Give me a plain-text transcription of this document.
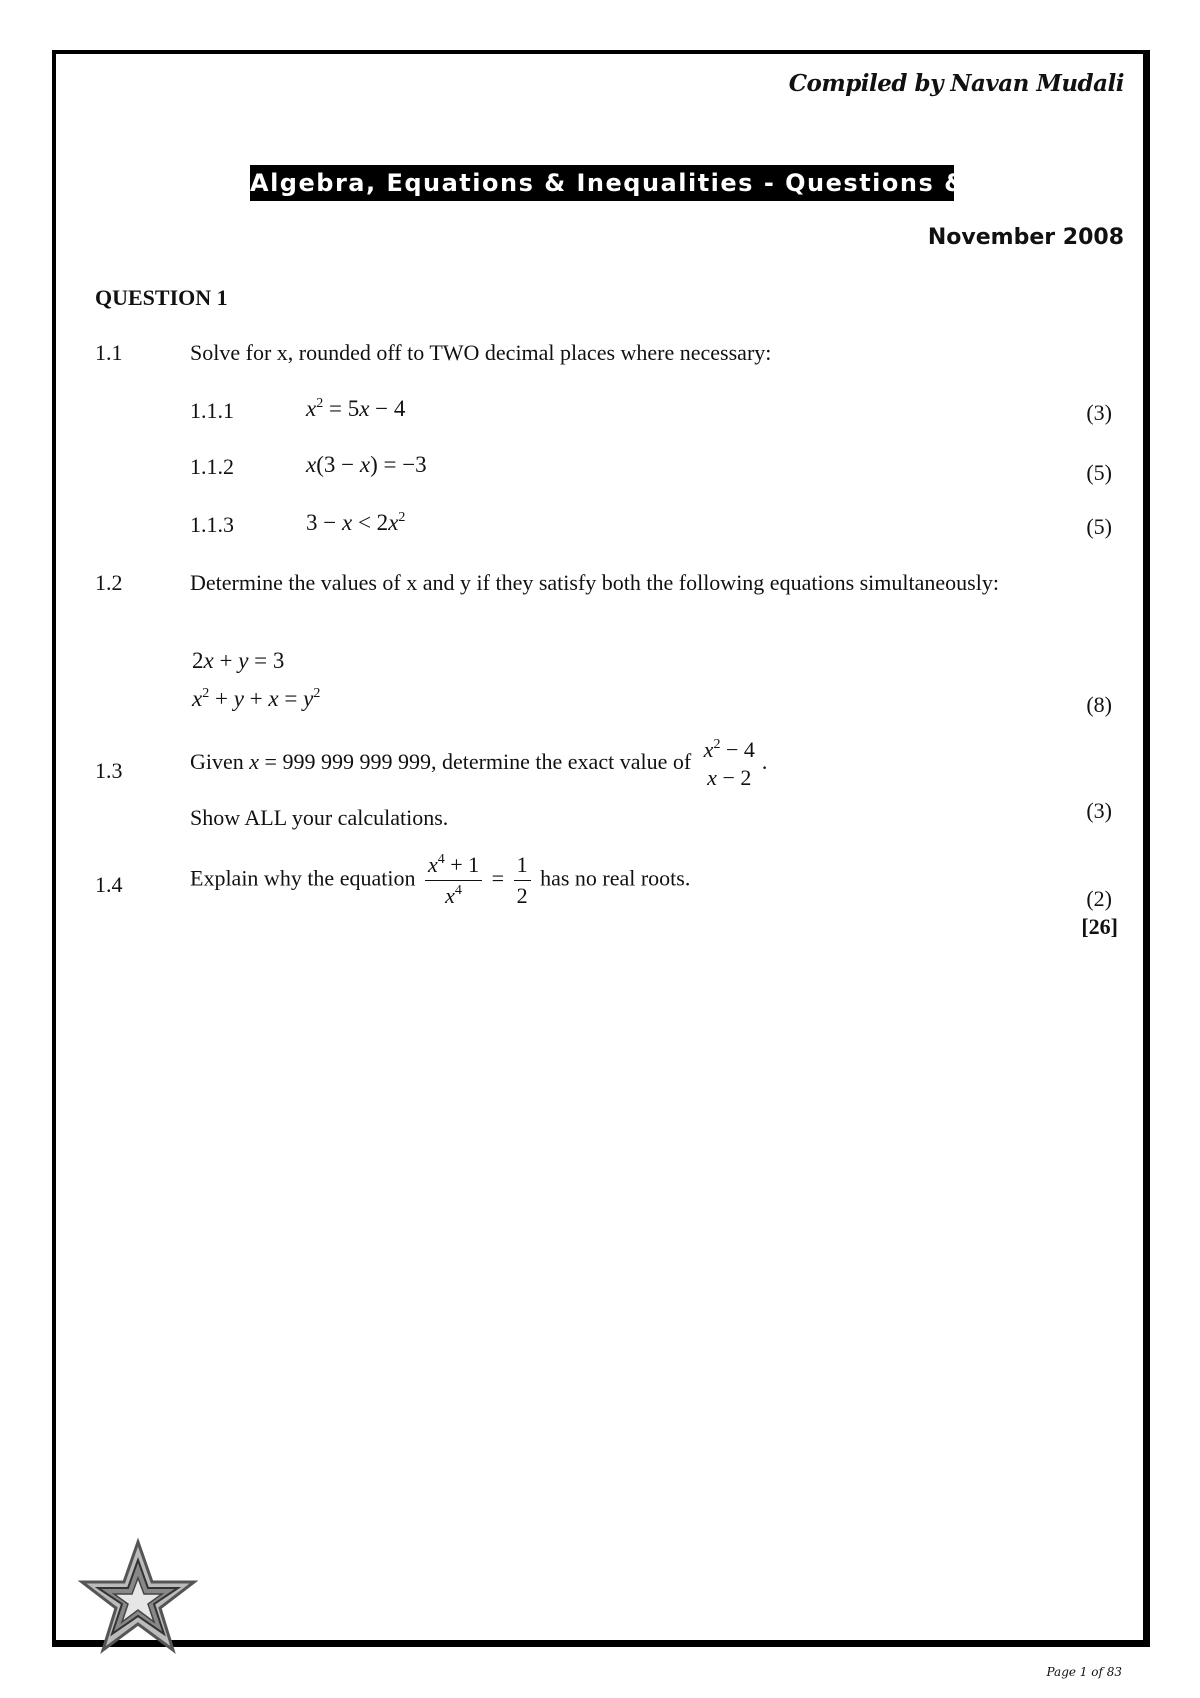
Compiled by Navan Mudali
Algebra, Equations & Inequalities - Questions & Solutions
November 2008
QUESTION 1
1.1	Solve for x, rounded off to TWO decimal places where necessary:
1.1.1	$x^2 = 5x - 4$	(3)
1.1.2	x(3 − x) = −3	(5)
1.1.3	$3 - x < 2x^2$	(5)
1.2	Determine the values of x and y if they satisfy both the following equations simultaneously:
2x + y = 3
$x^2 + y + x = y^2$	(8)
1.3	Given x = 999 999 999 999, determine the exact value of $x^2 - 4$
x − 2
.
Show ALL your calculations.	(3)
1.4	Explain why the equation $\frac{x^4 + 1}{x^4} = \frac{1}{2}$ has no real roots.
(2)
[26]
Page 1 of 83
